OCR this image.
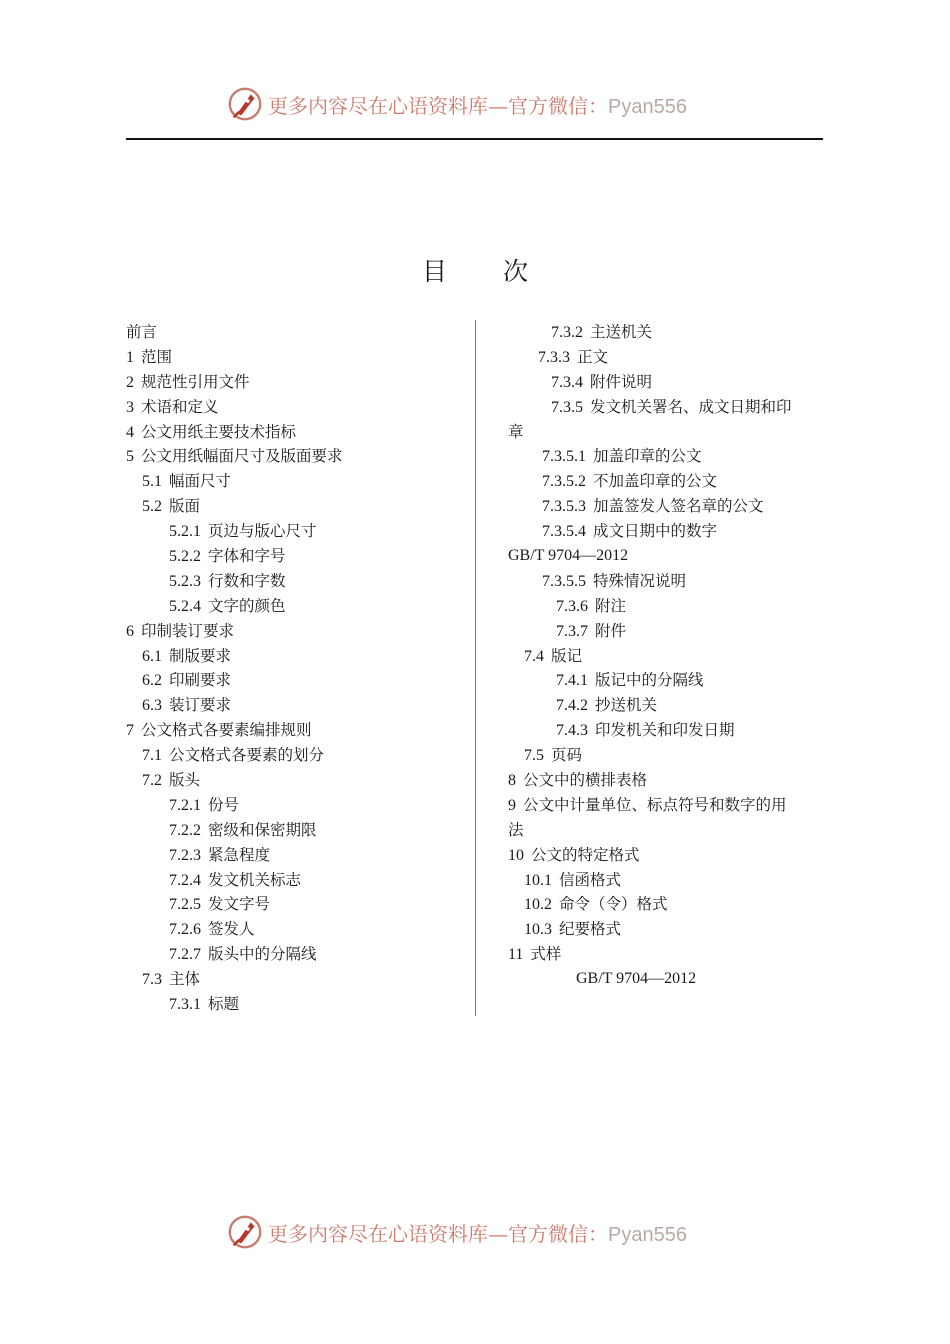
更多内容尽在心语资料库—官方微信：Pyan556
目 次
前言
1 范围
2 规范性引用文件
3 术语和定义
4 公文用纸主要技术指标
5 公文用纸幅面尺寸及版面要求
5.1 幅面尺寸
5.2 版面
5.2.1 页边与版心尺寸
5.2.2 字体和字号
5.2.3 行数和字数
5.2.4 文字的颜色
6 印制装订要求
6.1 制版要求
6.2 印刷要求
6.3 装订要求
7 公文格式各要素编排规则
7.1 公文格式各要素的划分
7.2 版头
7.2.1 份号
7.2.2 密级和保密期限
7.2.3 紧急程度
7.2.4 发文机关标志
7.2.5 发文字号
7.2.6 签发人
7.2.7 版头中的分隔线
7.3 主体
7.3.1 标题
7.3.2 主送机关
7.3.3 正文
7.3.4 附件说明
7.3.5 发文机关署名、成文日期和印
章
7.3.5.1 加盖印章的公文
7.3.5.2 不加盖印章的公文
7.3.5.3 加盖签发人签名章的公文
7.3.5.4 成文日期中的数字
GB/T 9704—2012
7.3.5.5 特殊情况说明
7.3.6 附注
7.3.7 附件
7.4 版记
7.4.1 版记中的分隔线
7.4.2 抄送机关
7.4.3 印发机关和印发日期
7.5 页码
8 公文中的横排表格
9 公文中计量单位、标点符号和数字的用
法
10 公文的特定格式
10.1 信函格式
10.2 命令（令）格式
10.3 纪要格式
11 式样
GB/T 9704—2012
更多内容尽在心语资料库—官方微信：Pyan556
